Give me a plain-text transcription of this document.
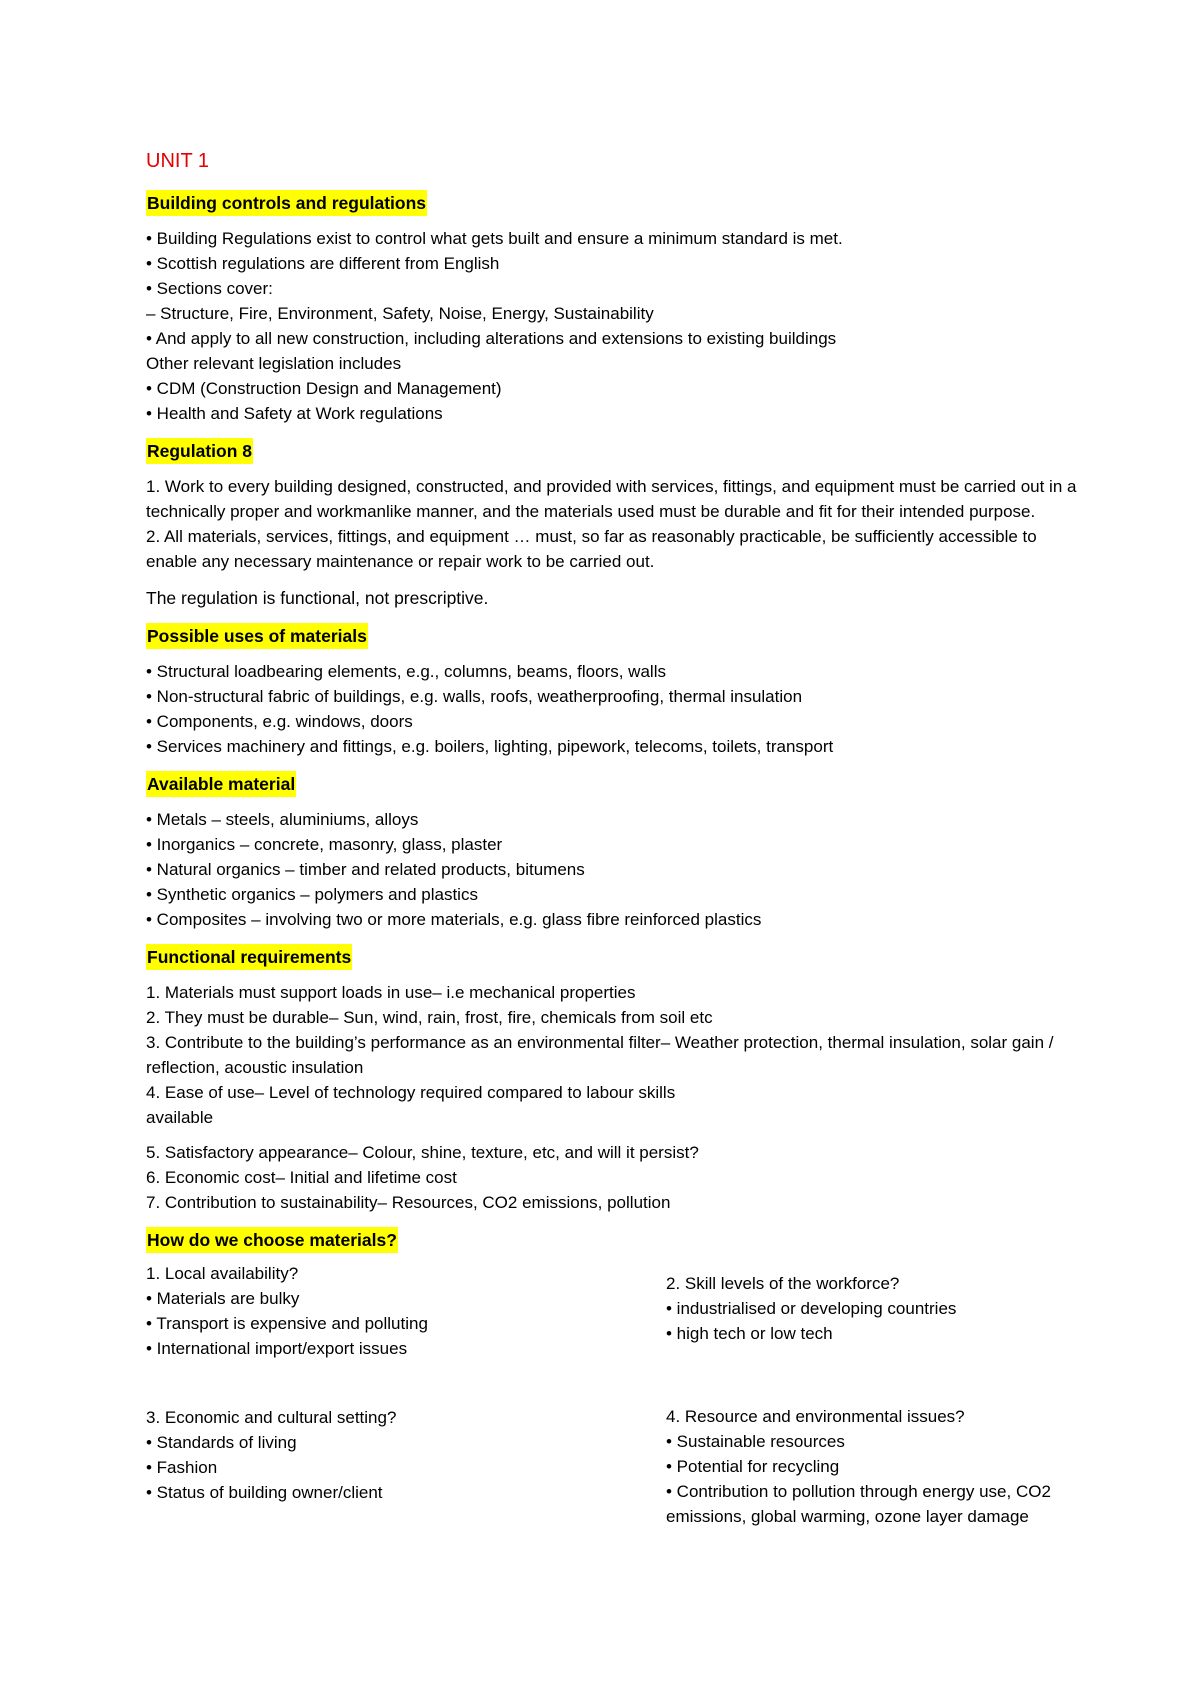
UNIT 1
Building controls and regulations
• Building Regulations exist to control what gets built and ensure a minimum standard is met.
• Scottish regulations are different from English
• Sections cover:
– Structure, Fire, Environment, Safety, Noise, Energy, Sustainability
• And apply to all new construction, including alterations and extensions to existing buildings
Other relevant legislation includes
• CDM (Construction Design and Management)
• Health and Safety at Work regulations
Regulation 8
1. Work to every building designed, constructed, and provided with services, fittings, and equipment must be carried out in a technically proper and workmanlike manner, and the materials used must be durable and fit for their intended purpose.
2. All materials, services, fittings, and equipment … must, so far as reasonably practicable, be sufficiently accessible to enable any necessary maintenance or repair work to be carried out.
The regulation is functional, not prescriptive.
Possible uses of materials
• Structural loadbearing elements, e.g., columns, beams, floors, walls
• Non-structural fabric of buildings, e.g. walls, roofs, weatherproofing, thermal insulation
• Components, e.g. windows, doors
• Services machinery and fittings, e.g. boilers, lighting, pipework, telecoms, toilets, transport
Available material
• Metals – steels, aluminiums, alloys
• Inorganics – concrete, masonry, glass, plaster
• Natural organics – timber and related products, bitumens
• Synthetic organics – polymers and plastics
• Composites – involving two or more materials, e.g. glass fibre reinforced plastics
Functional requirements
1. Materials must support loads in use– i.e mechanical properties
2. They must be durable– Sun, wind, rain, frost, fire, chemicals from soil etc
3. Contribute to the building’s performance as an environmental filter– Weather protection, thermal insulation, solar gain / reflection, acoustic insulation
4. Ease of use– Level of technology required compared to labour skills
available
5. Satisfactory appearance– Colour, shine, texture, etc, and will it persist?
6. Economic cost– Initial and lifetime cost
7. Contribution to sustainability– Resources, CO2 emissions, pollution
How do we choose materials?
1. Local availability?
• Materials are bulky
• Transport is expensive and polluting
• International import/export issues
3. Economic and cultural setting?
• Standards of living
• Fashion
• Status of building owner/client
2. Skill levels of the workforce?
• industrialised or developing countries
• high tech or low tech
4. Resource and environmental issues?
• Sustainable resources
• Potential for recycling
• Contribution to pollution through energy use, CO2 emissions, global warming, ozone layer damage
